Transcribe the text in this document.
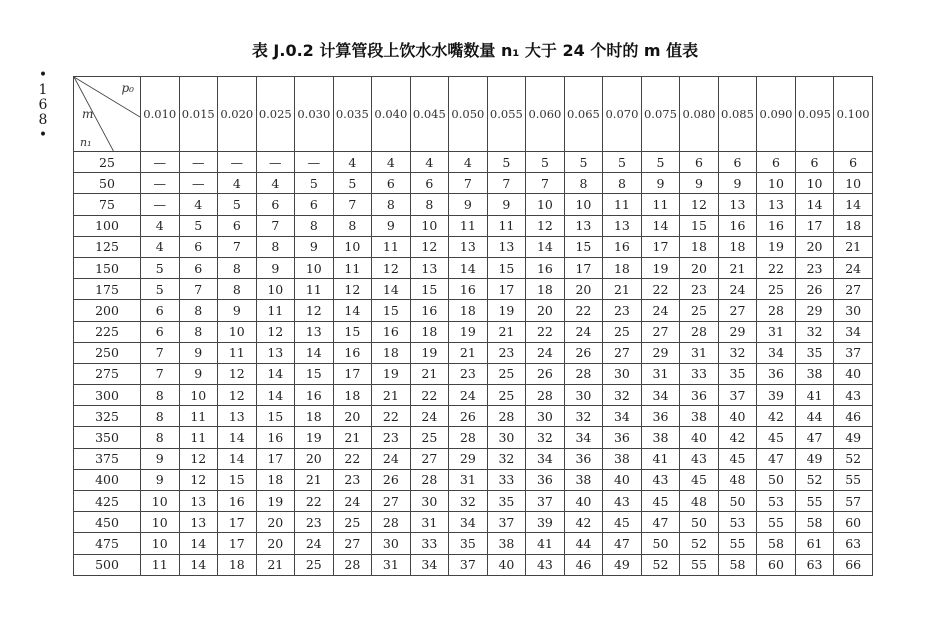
•
1
6
8
•
表 J.0.2 计算管段上饮水水嘴数量 n₁ 大于 24 个时的 m 值表
p₀
m
n₁	0.010	0.015	0.020	0.025	0.030	0.035	0.040	0.045	0.050	0.055	0.060	0.065	0.070	0.075	0.080	0.085	0.090	0.095	0.100
25	—	—	—	—	—	4	4	4	4	5	5	5	5	5	6	6	6	6	6
50	—	—	4	4	5	5	6	6	7	7	7	8	8	9	9	9	10	10	10
75	—	4	5	6	6	7	8	8	9	9	10	10	11	11	12	13	13	14	14
100	4	5	6	7	8	8	9	10	11	11	12	13	13	14	15	16	16	17	18
125	4	6	7	8	9	10	11	12	13	13	14	15	16	17	18	18	19	20	21
150	5	6	8	9	10	11	12	13	14	15	16	17	18	19	20	21	22	23	24
175	5	7	8	10	11	12	14	15	16	17	18	20	21	22	23	24	25	26	27
200	6	8	9	11	12	14	15	16	18	19	20	22	23	24	25	27	28	29	30
225	6	8	10	12	13	15	16	18	19	21	22	24	25	27	28	29	31	32	34
250	7	9	11	13	14	16	18	19	21	23	24	26	27	29	31	32	34	35	37
275	7	9	12	14	15	17	19	21	23	25	26	28	30	31	33	35	36	38	40
300	8	10	12	14	16	18	21	22	24	25	28	30	32	34	36	37	39	41	43
325	8	11	13	15	18	20	22	24	26	28	30	32	34	36	38	40	42	44	46
350	8	11	14	16	19	21	23	25	28	30	32	34	36	38	40	42	45	47	49
375	9	12	14	17	20	22	24	27	29	32	34	36	38	41	43	45	47	49	52
400	9	12	15	18	21	23	26	28	31	33	36	38	40	43	45	48	50	52	55
425	10	13	16	19	22	24	27	30	32	35	37	40	43	45	48	50	53	55	57
450	10	13	17	20	23	25	28	31	34	37	39	42	45	47	50	53	55	58	60
475	10	14	17	20	24	27	30	33	35	38	41	44	47	50	52	55	58	61	63
500	11	14	18	21	25	28	31	34	37	40	43	46	49	52	55	58	60	63	66
